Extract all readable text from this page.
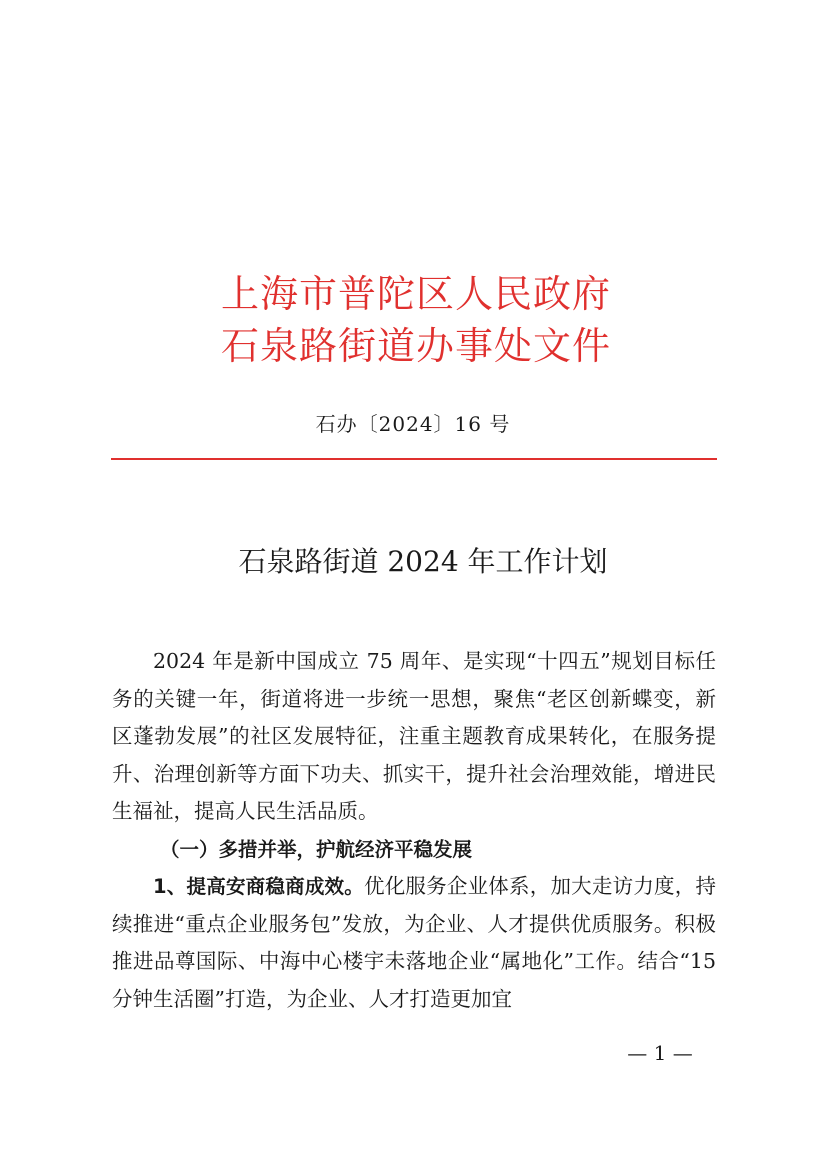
上海市普陀区人民政府
石泉路街道办事处文件
石办〔2024〕16 号
石泉路街道 2024 年工作计划

2024 年是新中国成立 75 周年、是实现“十四五”规划目标任务的关键一年，街道将进一步统一思想，聚焦“老区创新蝶变，新区蓬勃发展”的社区发展特征，注重主题教育成果转化，在服务提升、治理创新等方面下功夫、抓实干，提升社会治理效能，增进民生福祉，提高人民生活品质。

（一）多措并举，护航经济平稳发展

1、提高安商稳商成效。优化服务企业体系，加大走访力度，持续推进“重点企业服务包”发放，为企业、人才提供优质服务。积极推进品尊国际、中海中心楼宇未落地企业“属地化”工作。结合“15 分钟生活圈”打造，为企业、人才打造更加宜

— 1 —
